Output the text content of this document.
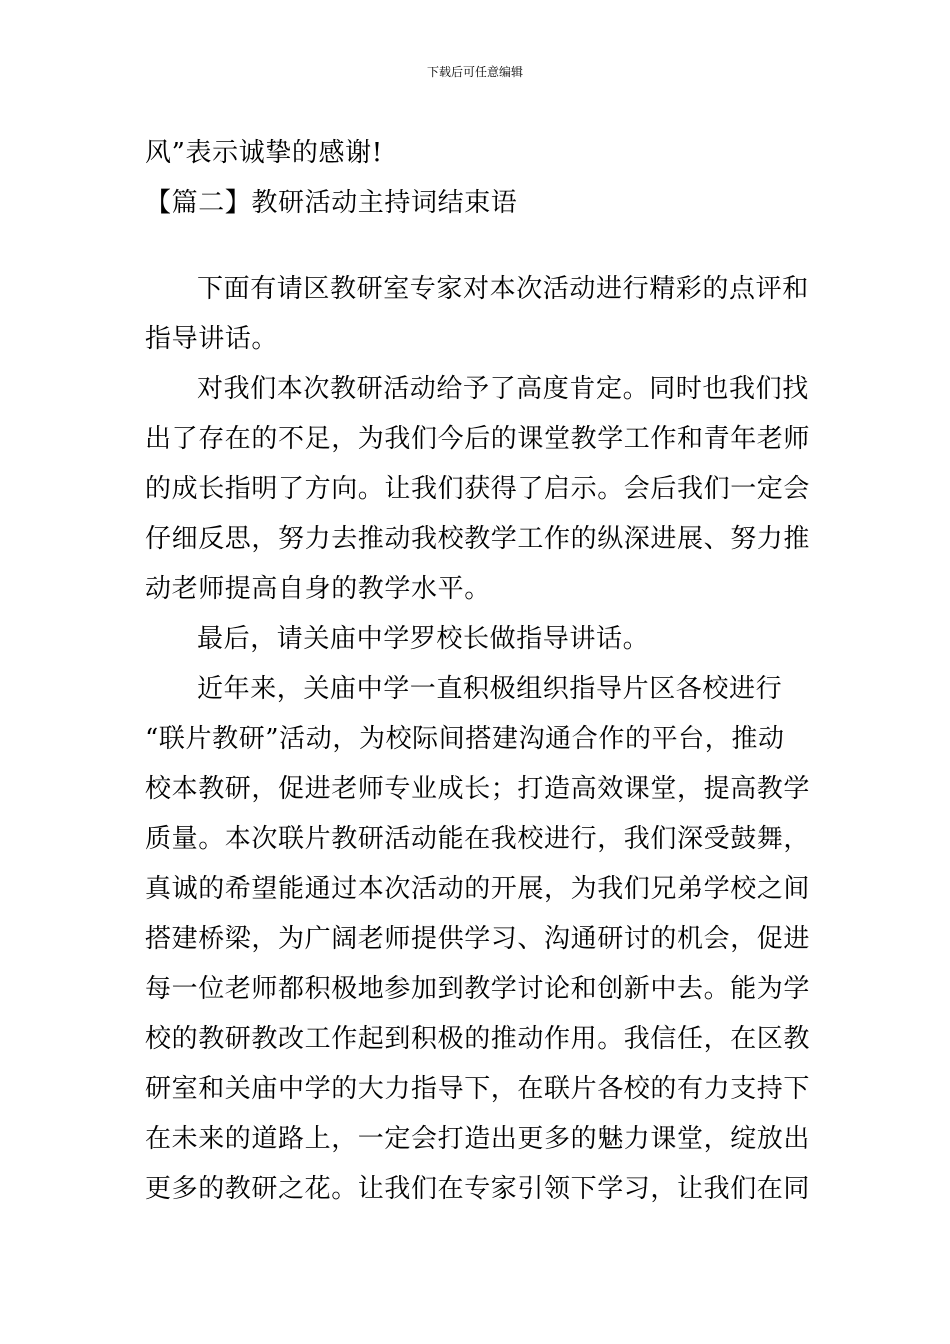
下载后可任意编辑
风”表示诚挚的感谢!
【篇二】教研活动主持词结束语
下面有请区教研室专家对本次活动进行精彩的点评和
指导讲话。
对我们本次教研活动给予了高度肯定。同时也我们找
出了存在的不足，为我们今后的课堂教学工作和青年老师
的成长指明了方向。让我们获得了启示。会后我们一定会
仔细反思，努力去推动我校教学工作的纵深进展、努力推
动老师提高自身的教学水平。
最后，请关庙中学罗校长做指导讲话。
近年来，关庙中学一直积极组织指导片区各校进行
“联片教研”活动，为校际间搭建沟通合作的平台，推动
校本教研，促进老师专业成长；打造高效课堂，提高教学
质量。本次联片教研活动能在我校进行，我们深受鼓舞，
真诚的希望能通过本次活动的开展，为我们兄弟学校之间
搭建桥梁，为广阔老师提供学习、沟通研讨的机会，促进
每一位老师都积极地参加到教学讨论和创新中去。能为学
校的教研教改工作起到积极的推动作用。我信任，在区教
研室和关庙中学的大力指导下，在联片各校的有力支持下
在未来的道路上，一定会打造出更多的魅力课堂，绽放出
更多的教研之花。让我们在专家引领下学习，让我们在同
